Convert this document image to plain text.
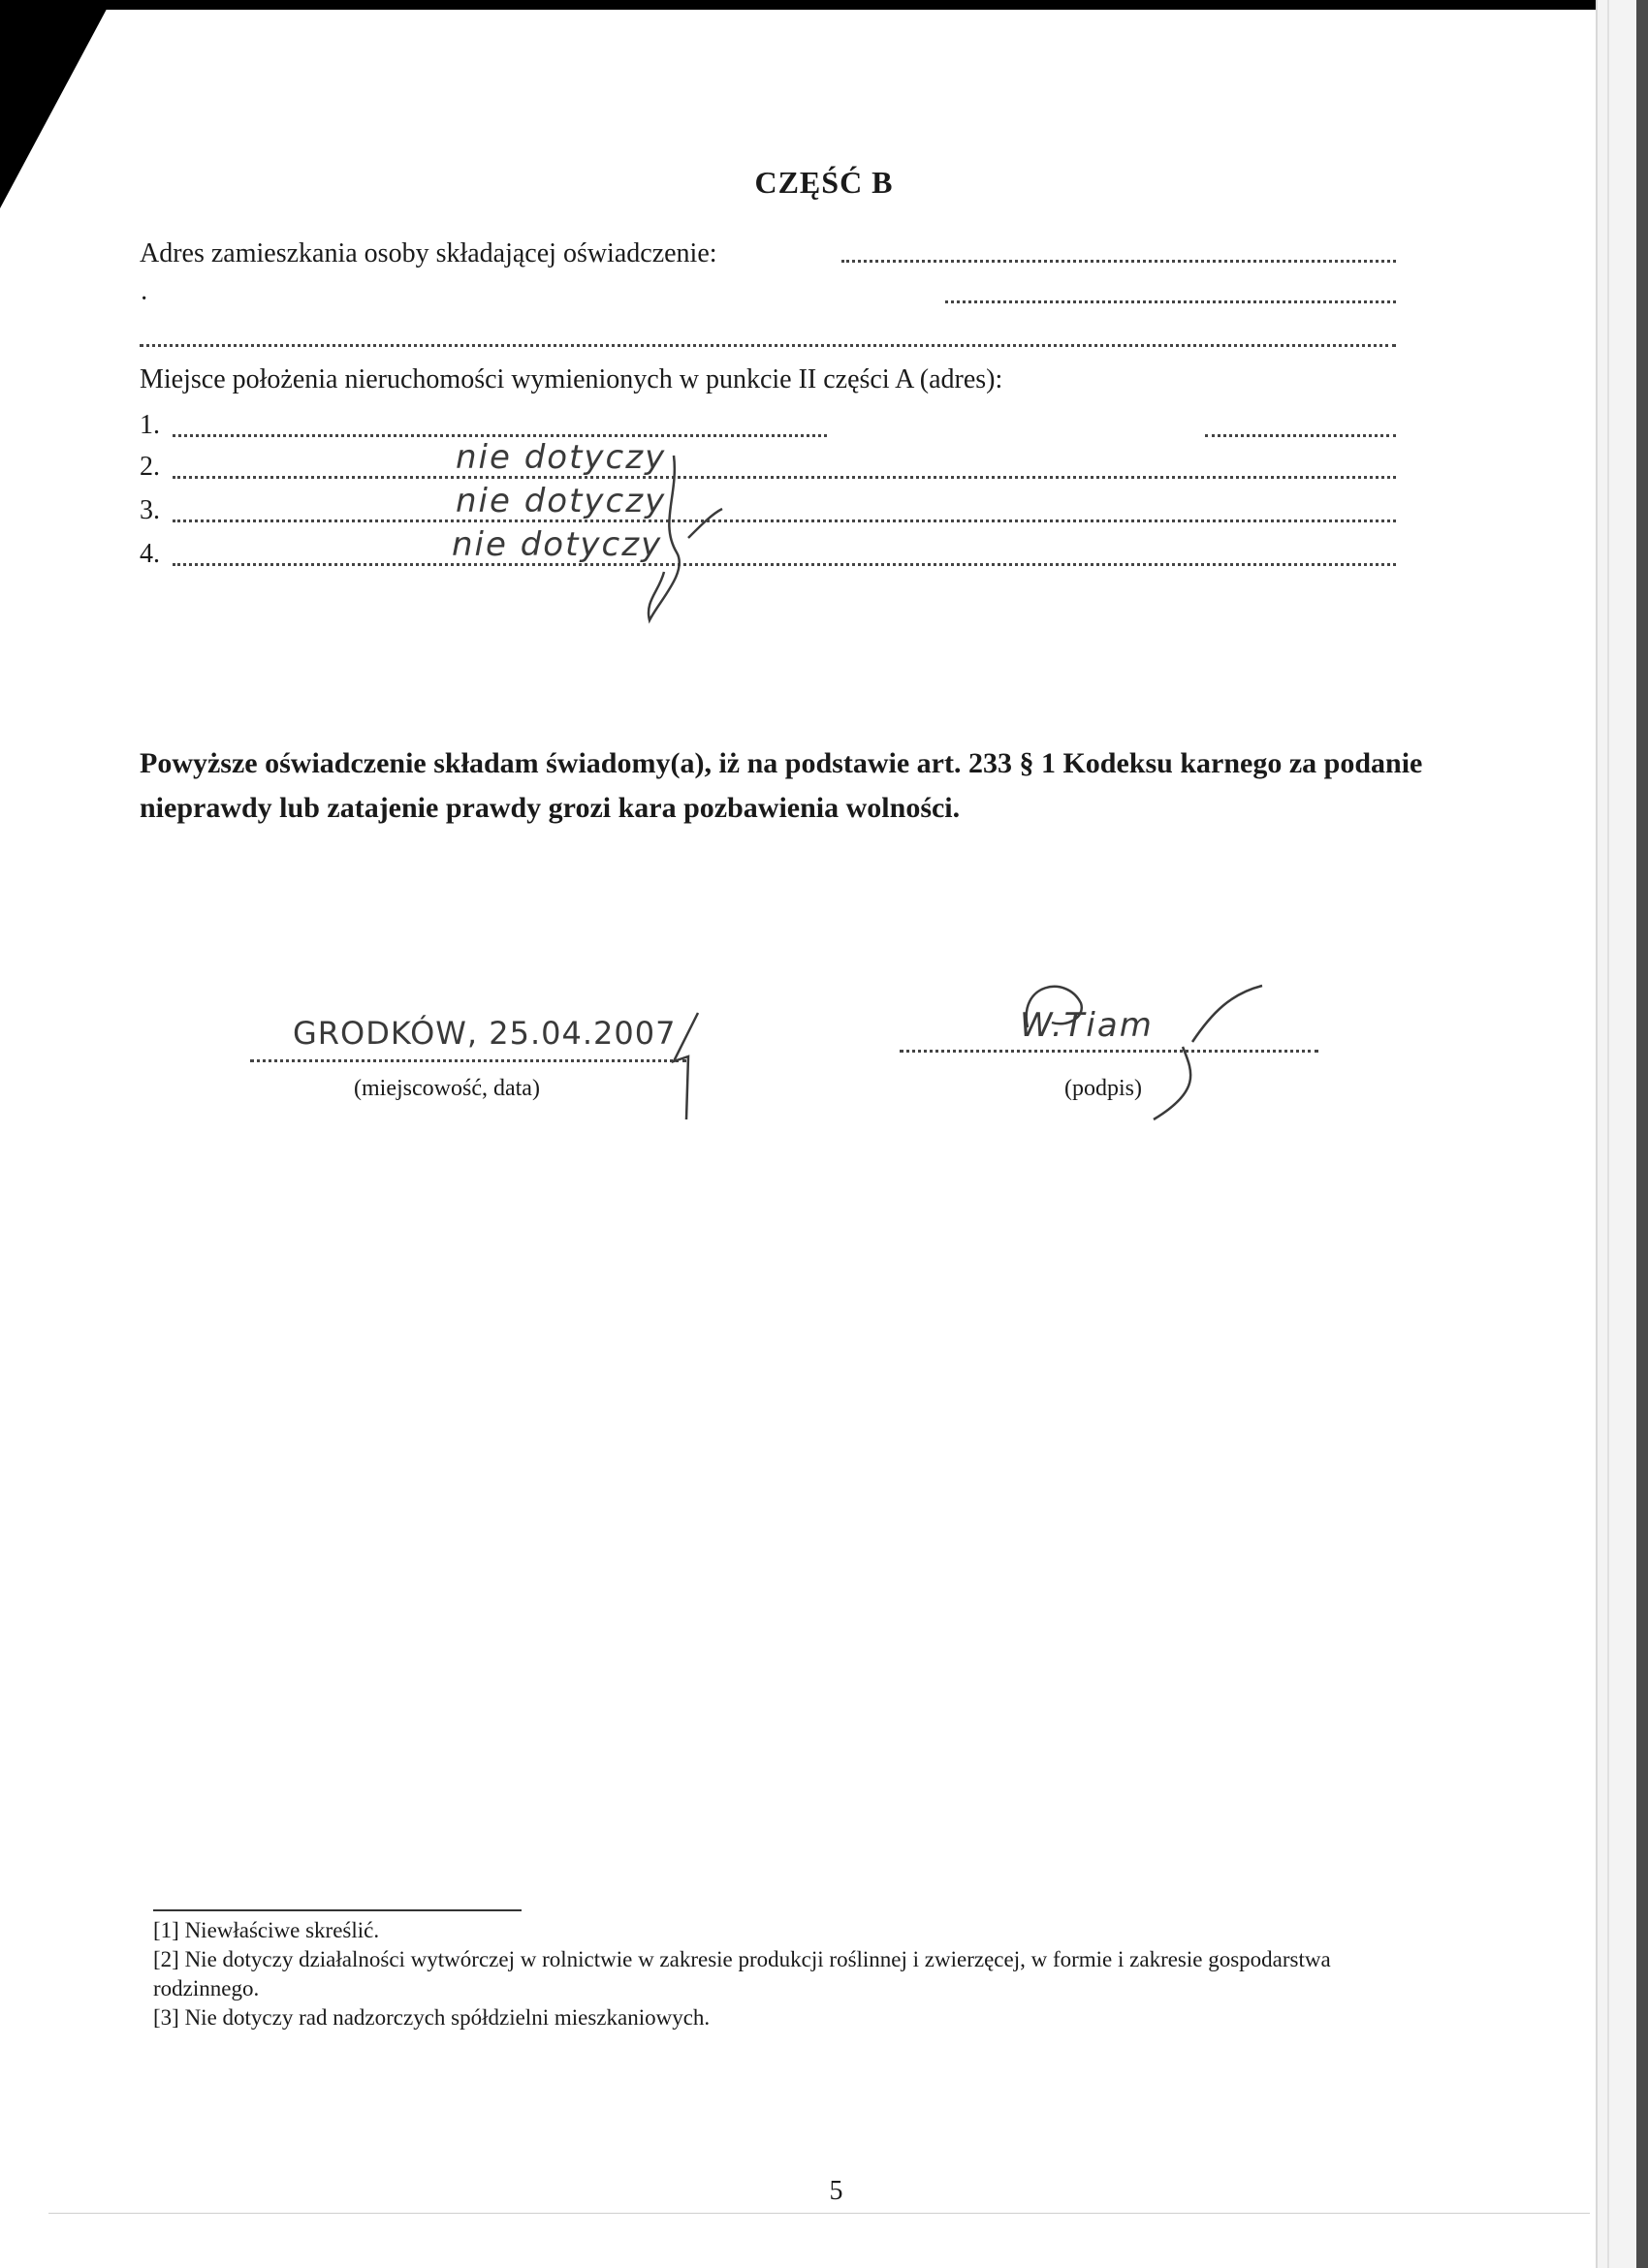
CZĘŚĆ B
Adres zamieszkania osoby składającej oświadczenie:
·
Miejsce położenia nieruchomości wymienionych w punkcie II części A (adres):
1.
2.	nie dotyczy
3.	nie dotyczy
4.	nie dotyczy
Powyższe oświadczenie składam świadomy(a), iż na podstawie art. 233 § 1 Kodeksu karnego za podanie nieprawdy lub zatajenie prawdy grozi kara pozbawienia wolności.
GRODKÓW, 25.04.2007
(miejscowość, data)
W.Tiam
(podpis)
[1] Niewłaściwe skreślić.
[2] Nie dotyczy działalności wytwórczej w rolnictwie w zakresie produkcji roślinnej i zwierzęcej, w formie i zakresie gospodarstwa rodzinnego.
[3] Nie dotyczy rad nadzorczych spółdzielni mieszkaniowych.
5
